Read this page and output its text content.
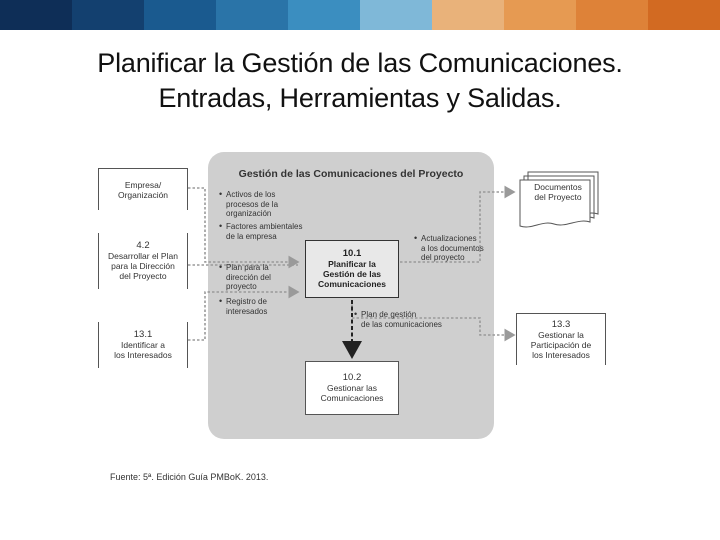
Planificar la Gestión de las Comunicaciones.
Entradas, Herramientas y Salidas.
Gestión de las Comunicaciones del Proyecto
Empresa/
Organización
4.2
Desarrollar el Plan
para la Dirección
del Proyecto
13.1
Identificar a
los Interesados
• Activos de los
procesos de la
organización
• Factores ambientales
de la empresa
• Plan para la
dirección del
proyecto
• Registro de
interesados
10.1
Planificar la
Gestión de las
Comunicaciones
• Actualizaciones
a los documentos
del proyecto
• Plan de gestión
de las comunicaciones
Documentos
del Proyecto
13.3
Gestionar la
Participación de
los Interesados
10.2
Gestionar las
Comunicaciones
Fuente: 5ª. Edición Guía PMBoK. 2013.
